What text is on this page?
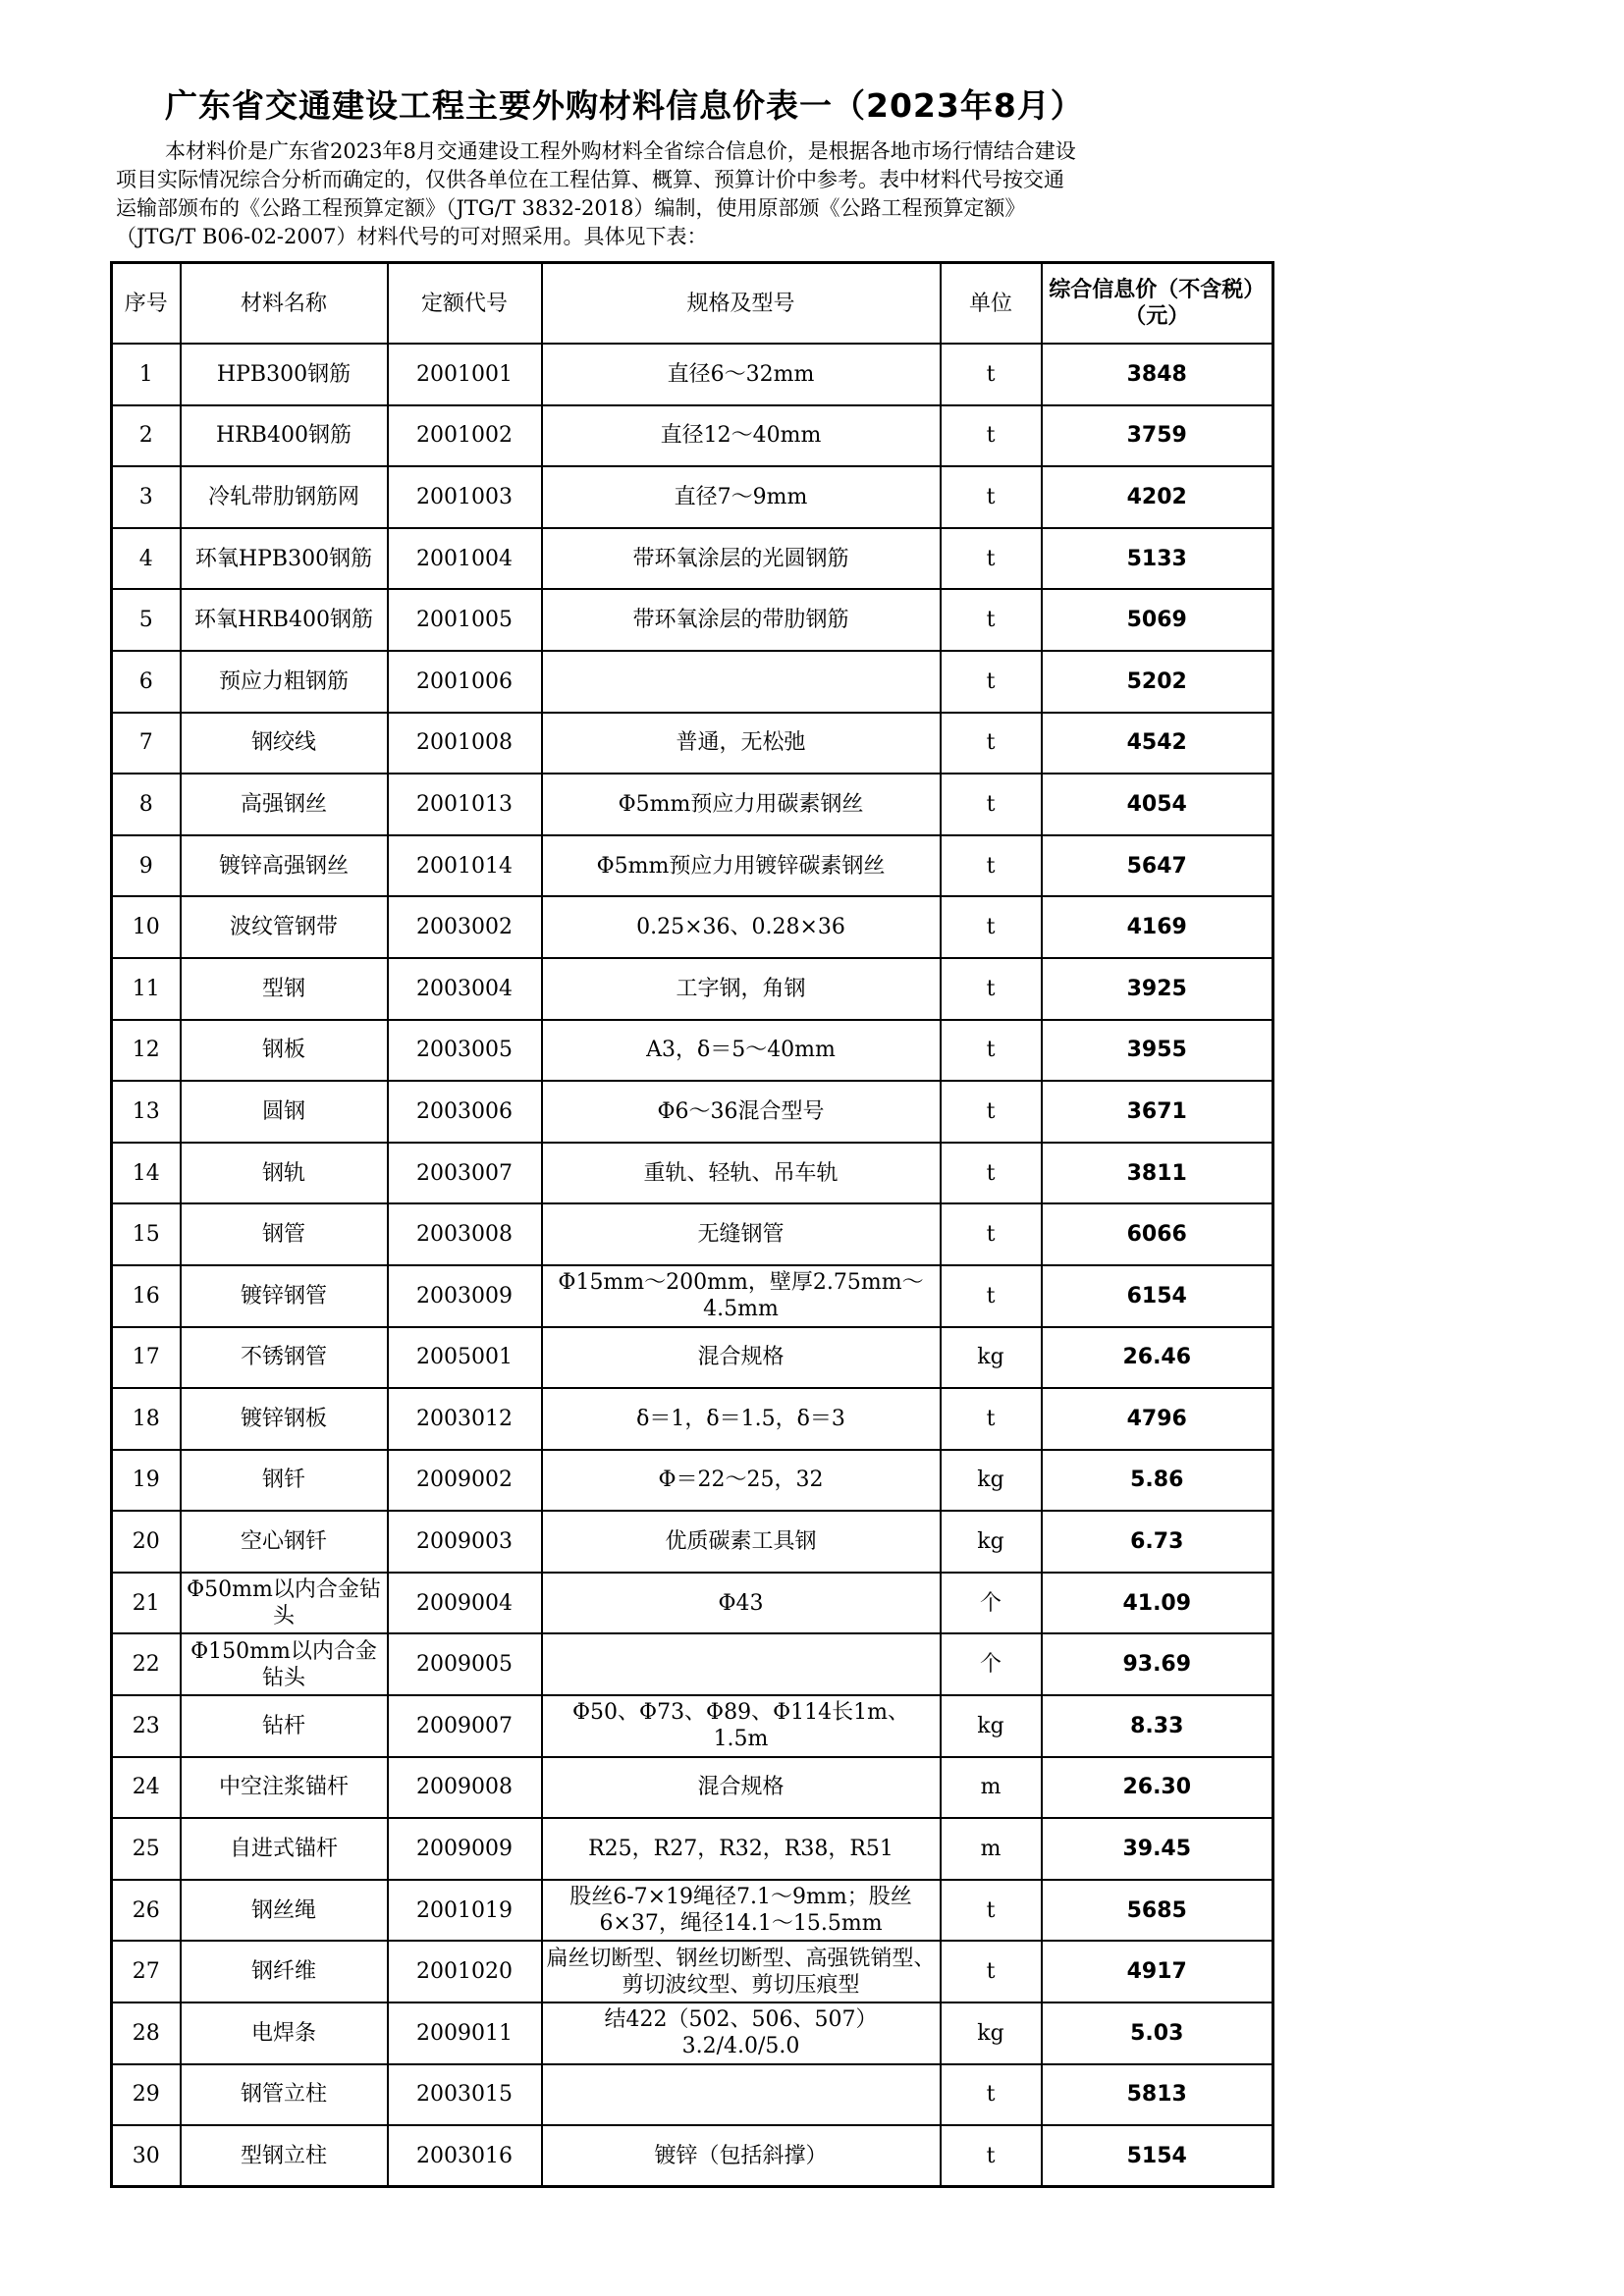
广东省交通建设工程主要外购材料信息价表一（2023年8月）

本材料价是广东省2023年8月交通建设工程外购材料全省综合信息价，是根据各地市场行情结合建设

项目实际情况综合分析而确定的，仅供各单位在工程估算、概算、预算计价中参考。表中材料代号按交通

运输部颁布的《公路工程预算定额》（JTG/T 3832-2018）编制，使用原部颁《公路工程预算定额》

（JTG/T B06-02-2007）材料代号的可对照采用。具体见下表：

序号	材料名称	定额代号	规格及型号	单位	综合信息价（不含税）（元）
1	HPB300钢筋	2001001	直径6～32mm	t	3848
2	HRB400钢筋	2001002	直径12～40mm	t	3759
3	冷轧带肋钢筋网	2001003	直径7～9mm	t	4202
4	环氧HPB300钢筋	2001004	带环氧涂层的光圆钢筋	t	5133
5	环氧HRB400钢筋	2001005	带环氧涂层的带肋钢筋	t	5069
6	预应力粗钢筋	2001006		t	5202
7	钢绞线	2001008	普通，无松弛	t	4542
8	高强钢丝	2001013	Φ5mm预应力用碳素钢丝	t	4054
9	镀锌高强钢丝	2001014	Φ5mm预应力用镀锌碳素钢丝	t	5647
10	波纹管钢带	2003002	0.25×36、0.28×36	t	4169
11	型钢	2003004	工字钢，角钢	t	3925
12	钢板	2003005	A3，δ＝5～40mm	t	3955
13	圆钢	2003006	Φ6～36混合型号	t	3671
14	钢轨	2003007	重轨、轻轨、吊车轨	t	3811
15	钢管	2003008	无缝钢管	t	6066
16	镀锌钢管	2003009	Φ15mm～200mm，壁厚2.75mm～4.5mm	t	6154
17	不锈钢管	2005001	混合规格	kg	26.46
18	镀锌钢板	2003012	δ＝1，δ＝1.5，δ＝3	t	4796
19	钢钎	2009002	Φ＝22～25，32	kg	5.86
20	空心钢钎	2009003	优质碳素工具钢	kg	6.73
21	Φ50mm以内合金钻头	2009004	Φ43	个	41.09
22	Φ150mm以内合金钻头	2009005		个	93.69
23	钻杆	2009007	Φ50、Φ73、Φ89、Φ114长1m、1.5m	kg	8.33
24	中空注浆锚杆	2009008	混合规格	m	26.30
25	自进式锚杆	2009009	R25，R27，R32，R38，R51	m	39.45
26	钢丝绳	2001019	股丝6-7×19绳径7.1～9mm；股丝6×37，绳径14.1～15.5mm	t	5685
27	钢纤维	2001020	扁丝切断型、钢丝切断型、高强铣销型、剪切波纹型、剪切压痕型	t	4917
28	电焊条	2009011	结422（502、506、507）3.2/4.0/5.0	kg	5.03
29	钢管立柱	2003015		t	5813
30	型钢立柱	2003016	镀锌（包括斜撑）	t	5154
